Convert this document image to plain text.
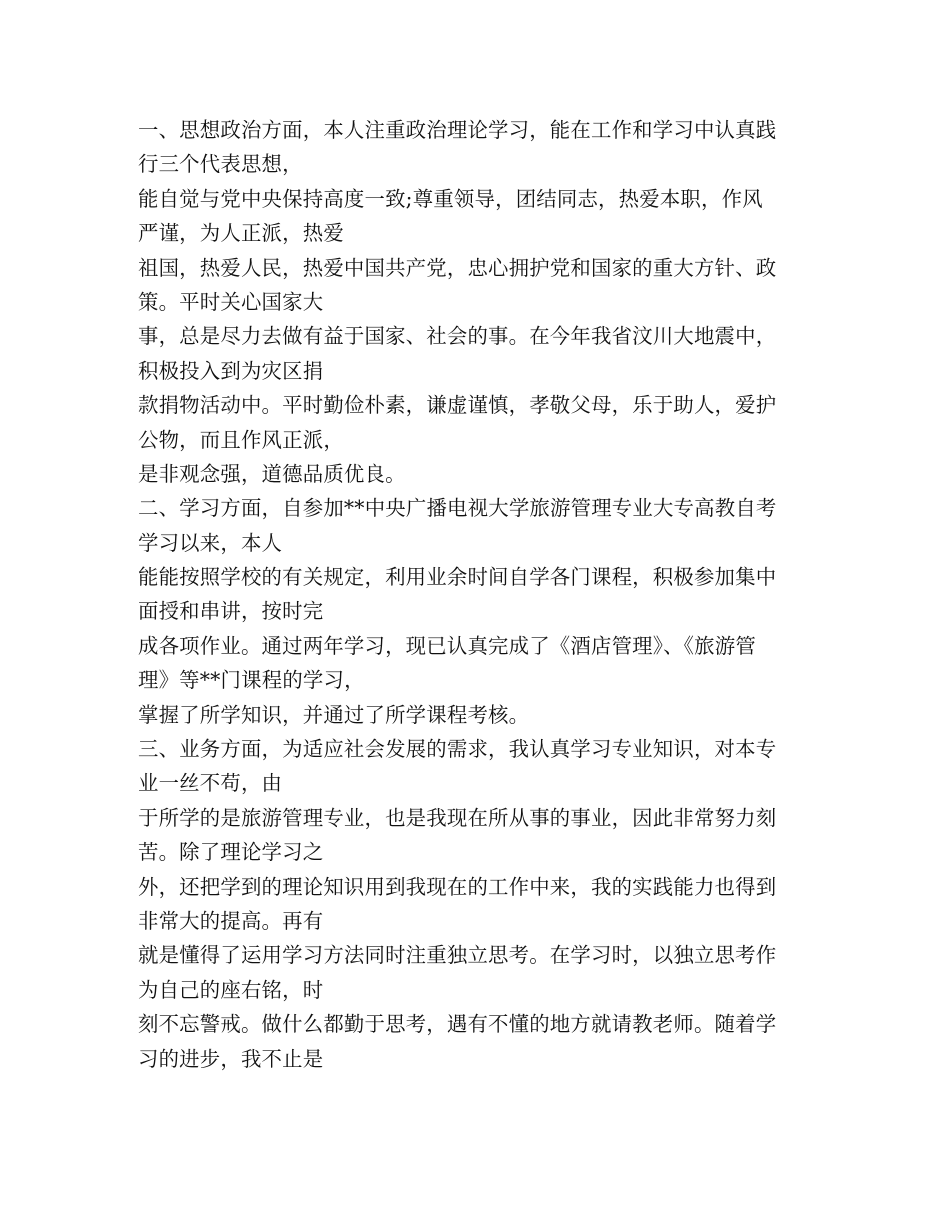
一、思想政治方面，本人注重政治理论学习，能在工作和学习中认真践
行三个代表思想，
能自觉与党中央保持高度一致;尊重领导，团结同志，热爱本职，作风
严谨，为人正派，热爱
祖国，热爱人民，热爱中国共产党，忠心拥护党和国家的重大方针、政
策。平时关心国家大
事，总是尽力去做有益于国家、社会的事。在今年我省汶川大地震中，
积极投入到为灾区捐
款捐物活动中。平时勤俭朴素，谦虚谨慎，孝敬父母，乐于助人，爱护
公物，而且作风正派，
是非观念强，道德品质优良。
二、学习方面，自参加**中央广播电视大学旅游管理专业大专高教自考
学习以来，本人
能能按照学校的有关规定，利用业余时间自学各门课程，积极参加集中
面授和串讲，按时完
成各项作业。通过两年学习，现已认真完成了《酒店管理》、《旅游管
理》等**门课程的学习，
掌握了所学知识，并通过了所学课程考核。
三、业务方面，为适应社会发展的需求，我认真学习专业知识，对本专
业一丝不苟，由
于所学的是旅游管理专业，也是我现在所从事的事业，因此非常努力刻
苦。除了理论学习之
外，还把学到的理论知识用到我现在的工作中来，我的实践能力也得到
非常大的提高。再有
就是懂得了运用学习方法同时注重独立思考。在学习时，以独立思考作
为自己的座右铭，时
刻不忘警戒。做什么都勤于思考，遇有不懂的地方就请教老师。随着学
习的进步，我不止是
